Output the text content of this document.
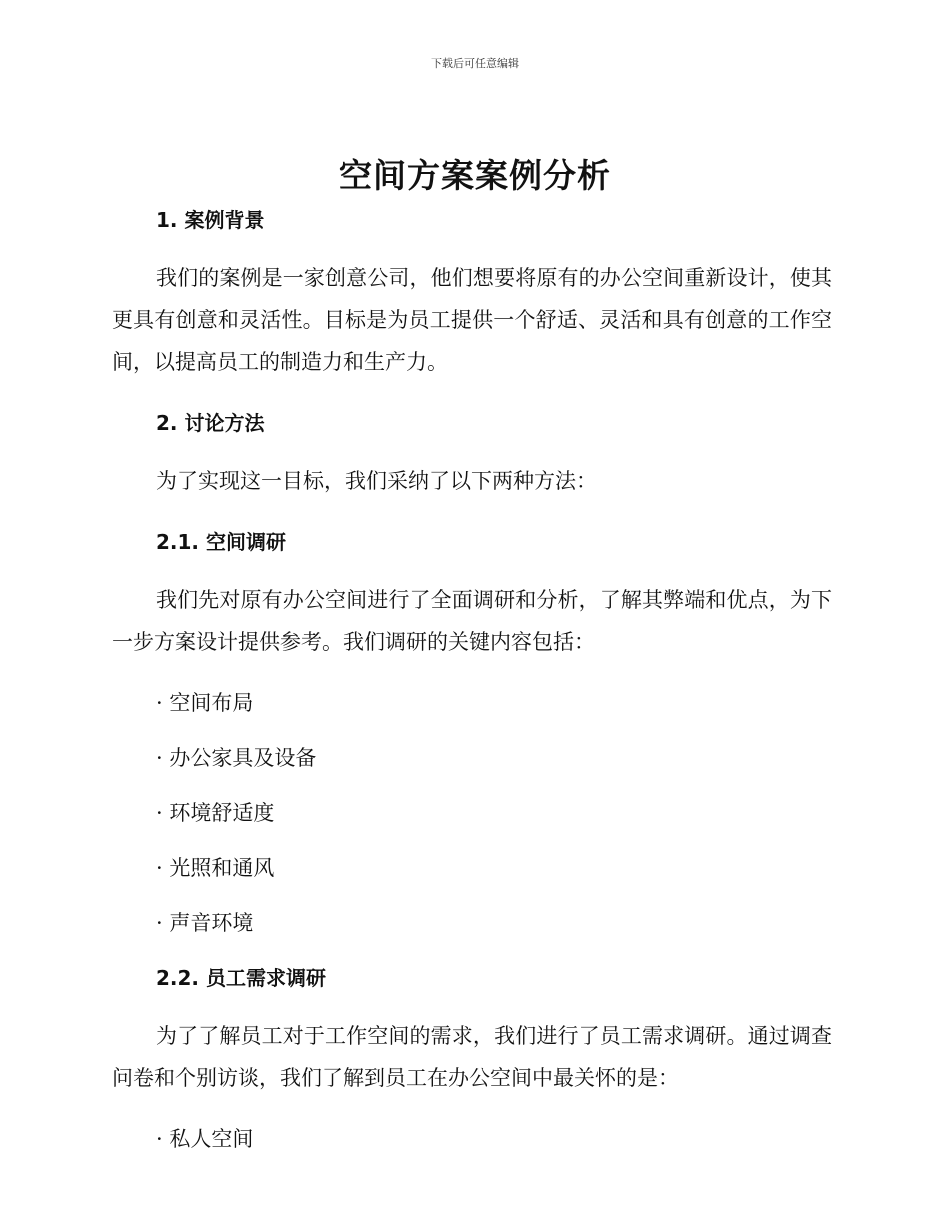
下载后可任意编辑
空间方案案例分析
1. 案例背景

我们的案例是一家创意公司，他们想要将原有的办公空间重新设计，使其更具有创意和灵活性。目标是为员工提供一个舒适、灵活和具有创意的工作空间，以提高员工的制造力和生产力。

2. 讨论方法

为了实现这一目标，我们采纳了以下两种方法：

2.1. 空间调研

我们先对原有办公空间进行了全面调研和分析，了解其弊端和优点，为下一步方案设计提供参考。我们调研的关键内容包括：

· 空间布局
· 办公家具及设备
· 环境舒适度
· 光照和通风
· 声音环境
2.2. 员工需求调研

为了了解员工对于工作空间的需求，我们进行了员工需求调研。通过调查问卷和个别访谈，我们了解到员工在办公空间中最关怀的是：

· 私人空间
